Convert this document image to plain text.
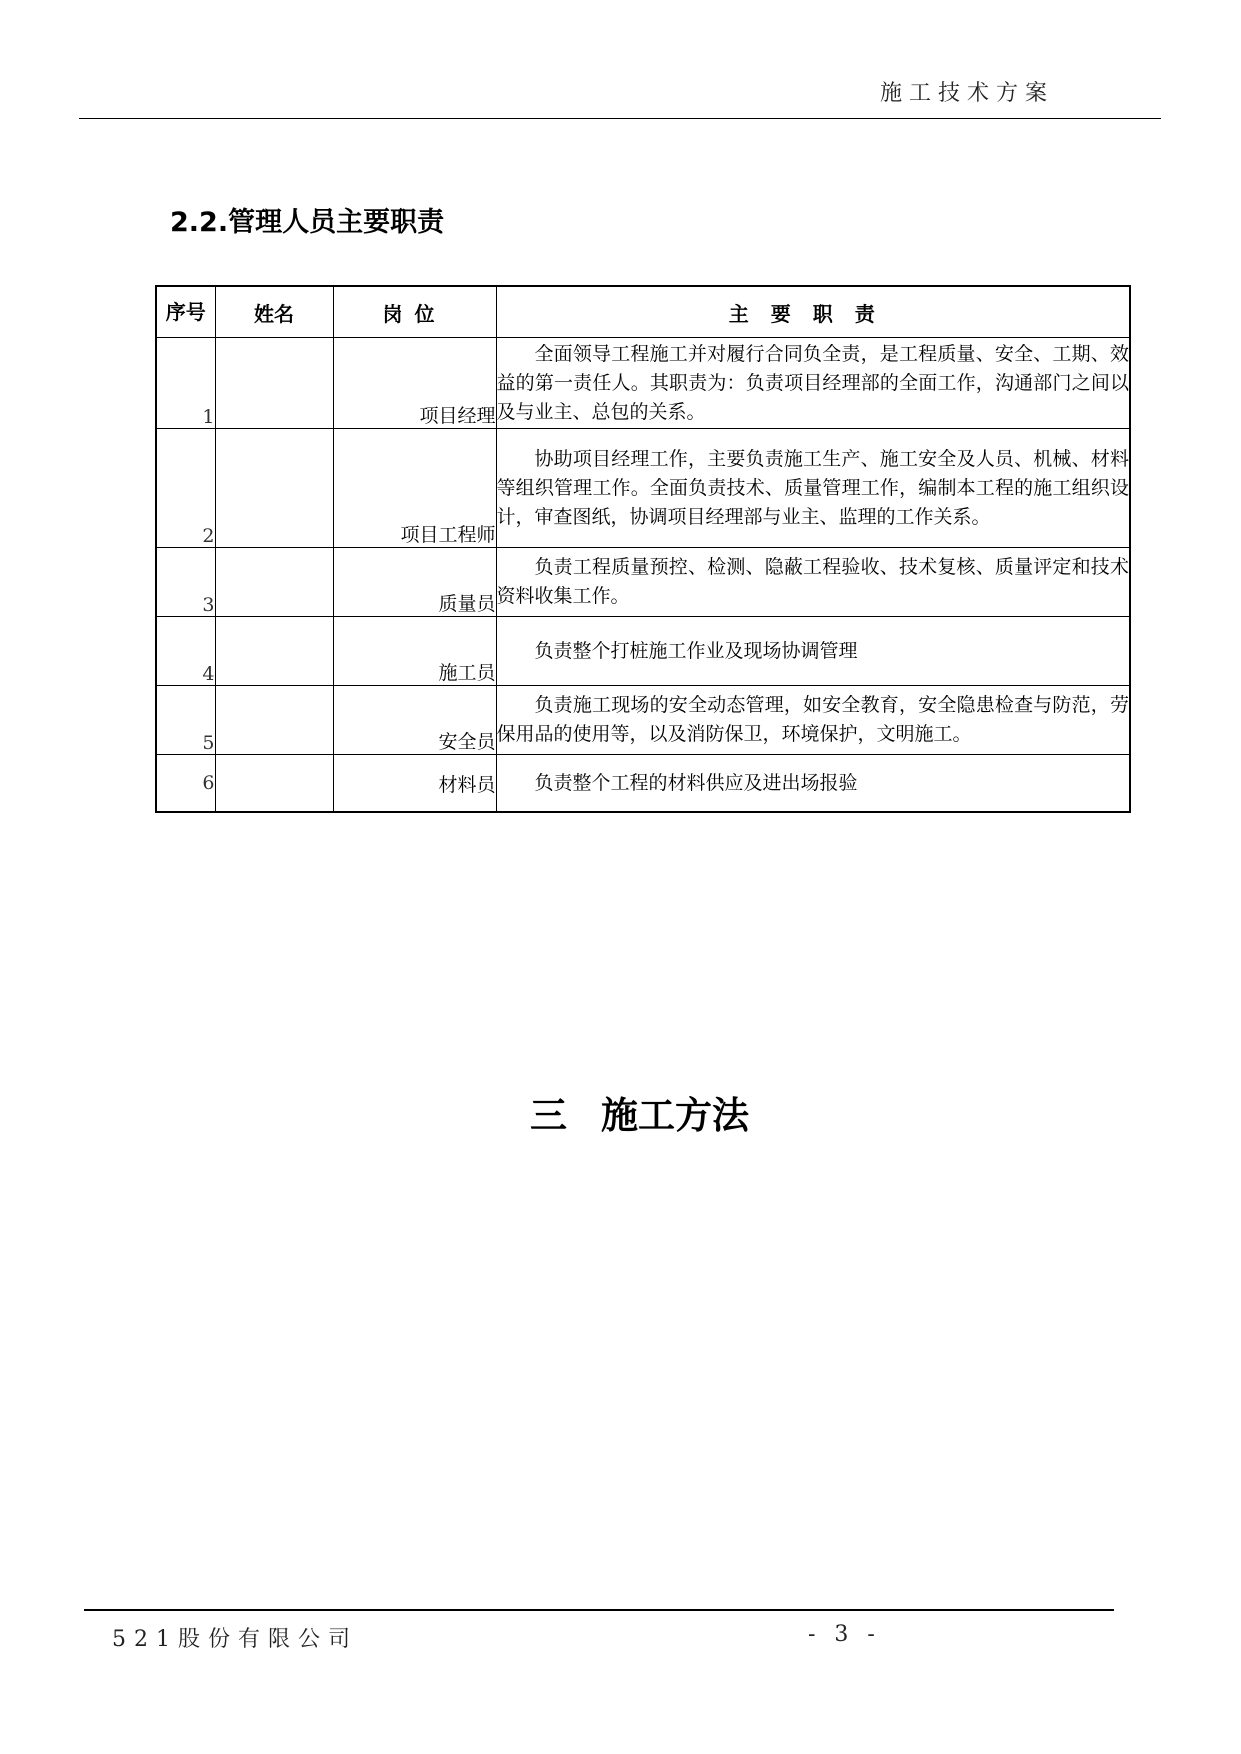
施工技术方案
2.2.管理人员主要职责
序号	姓名	岗位	主要职责
1		项目经理	全面领导工程施工并对履行合同负全责，是工程质量、安全、工期、效益的第一责任人。其职责为：负责项目经理部的全面工作，沟通部门之间以及与业主、总包的关系。
2		项目工程师	协助项目经理工作，主要负责施工生产、施工安全及人员、机械、材料等组织管理工作。全面负责技术、质量管理工作，编制本工程的施工组织设计，审查图纸，协调项目经理部与业主、监理的工作关系。
3		质量员	负责工程质量预控、检测、隐蔽工程验收、技术复核、质量评定和技术资料收集工作。
4		施工员	负责整个打桩施工作业及现场协调管理
5		安全员	负责施工现场的安全动态管理，如安全教育，安全隐患检查与防范，劳保用品的使用等，以及消防保卫，环境保护，文明施工。
6		材料员	负责整个工程的材料供应及进出场报验
三 施工方法
521股份有限公司	- 3 -
